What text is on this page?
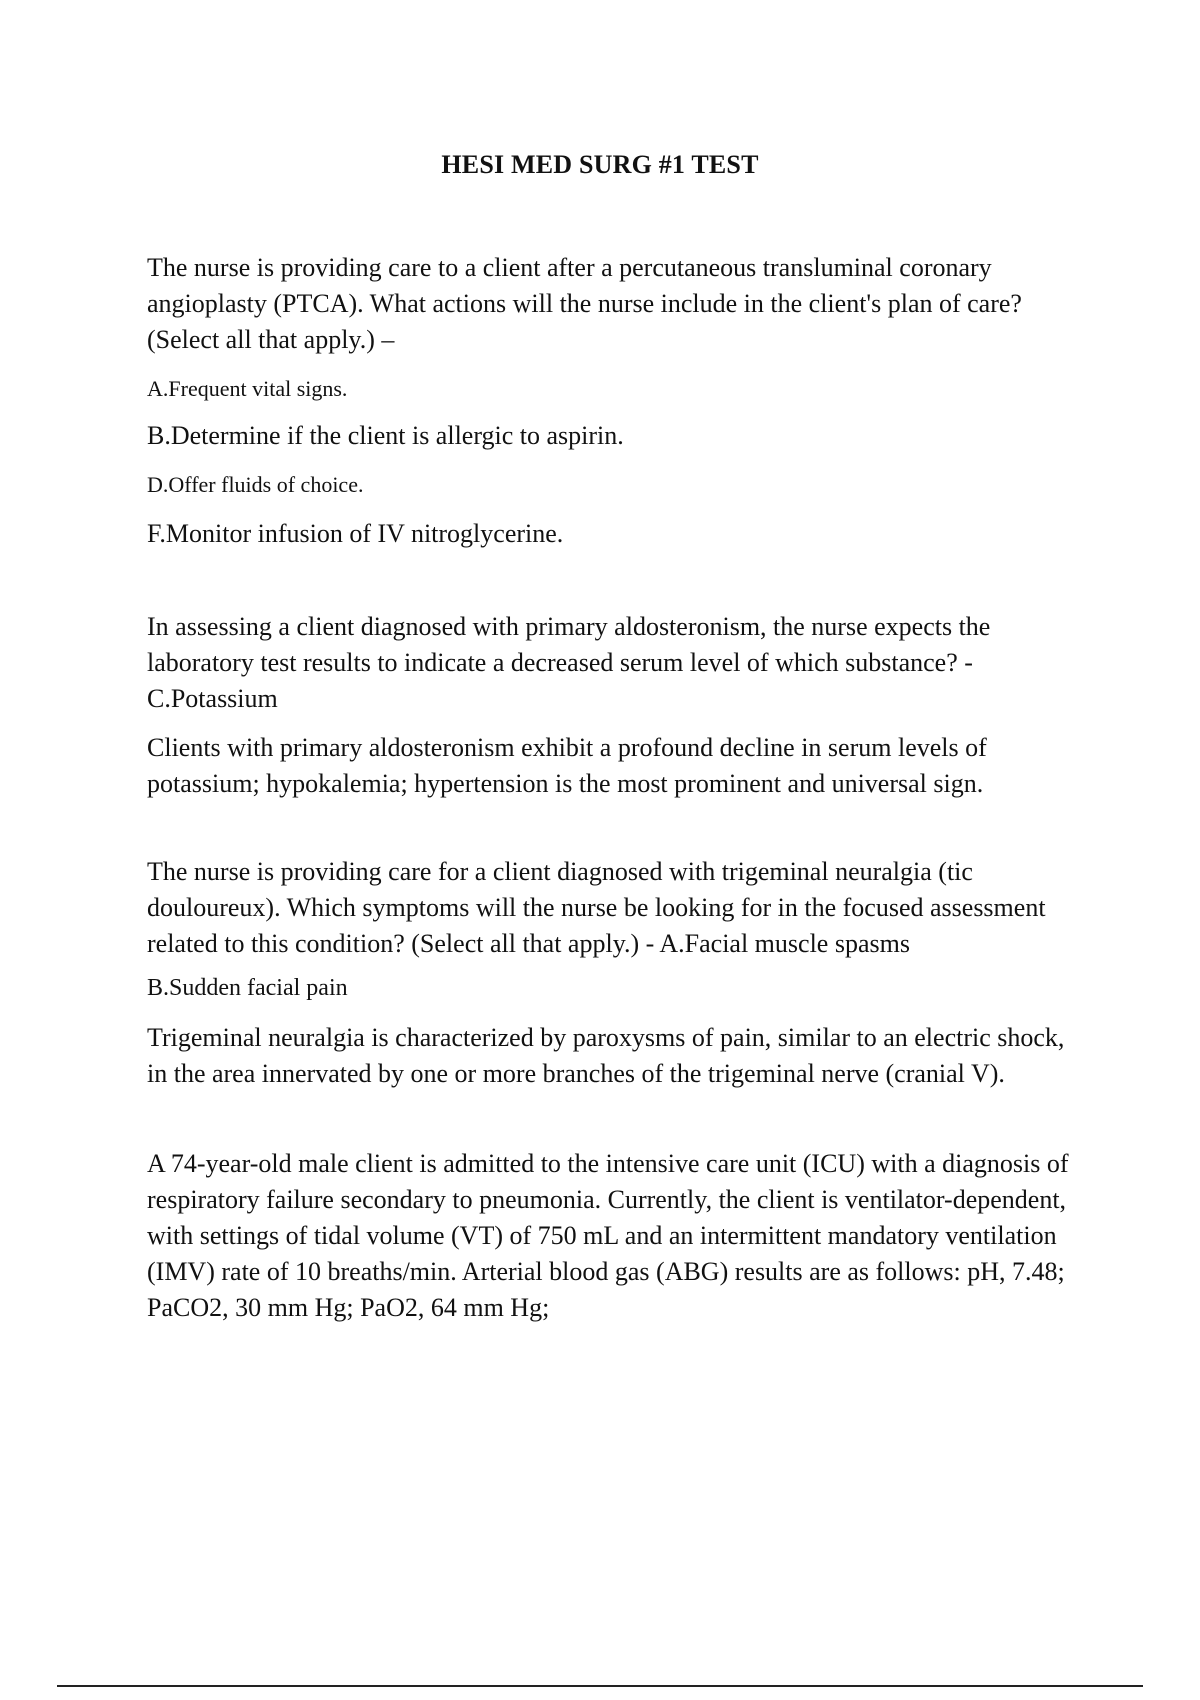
HESI MED SURG #1 TEST

The nurse is providing care to a client after a percutaneous transluminal coronary angioplasty (PTCA). What actions will the nurse include in the client's plan of care? (Select all that apply.) –

A.Frequent vital signs.

B.Determine if the client is allergic to aspirin.

D.Offer fluids of choice.

F.Monitor infusion of IV nitroglycerine.

In assessing a client diagnosed with primary aldosteronism, the nurse expects the laboratory test results to indicate a decreased serum level of which substance? - C.Potassium

Clients with primary aldosteronism exhibit a profound decline in serum levels of potassium; hypokalemia; hypertension is the most prominent and universal sign.

The nurse is providing care for a client diagnosed with trigeminal neuralgia (tic douloureux). Which symptoms will the nurse be looking for in the focused assessment related to this condition? (Select all that apply.) - A.Facial muscle spasms

B.Sudden facial pain

Trigeminal neuralgia is characterized by paroxysms of pain, similar to an electric shock, in the area innervated by one or more branches of the trigeminal nerve (cranial V).

A 74-year-old male client is admitted to the intensive care unit (ICU) with a diagnosis of respiratory failure secondary to pneumonia. Currently, the client is ventilator-dependent, with settings of tidal volume (VT) of 750 mL and an intermittent mandatory ventilation (IMV) rate of 10 breaths/min. Arterial blood gas (ABG) results are as follows: pH, 7.48; PaCO2, 30 mm Hg; PaO2, 64 mm Hg;
